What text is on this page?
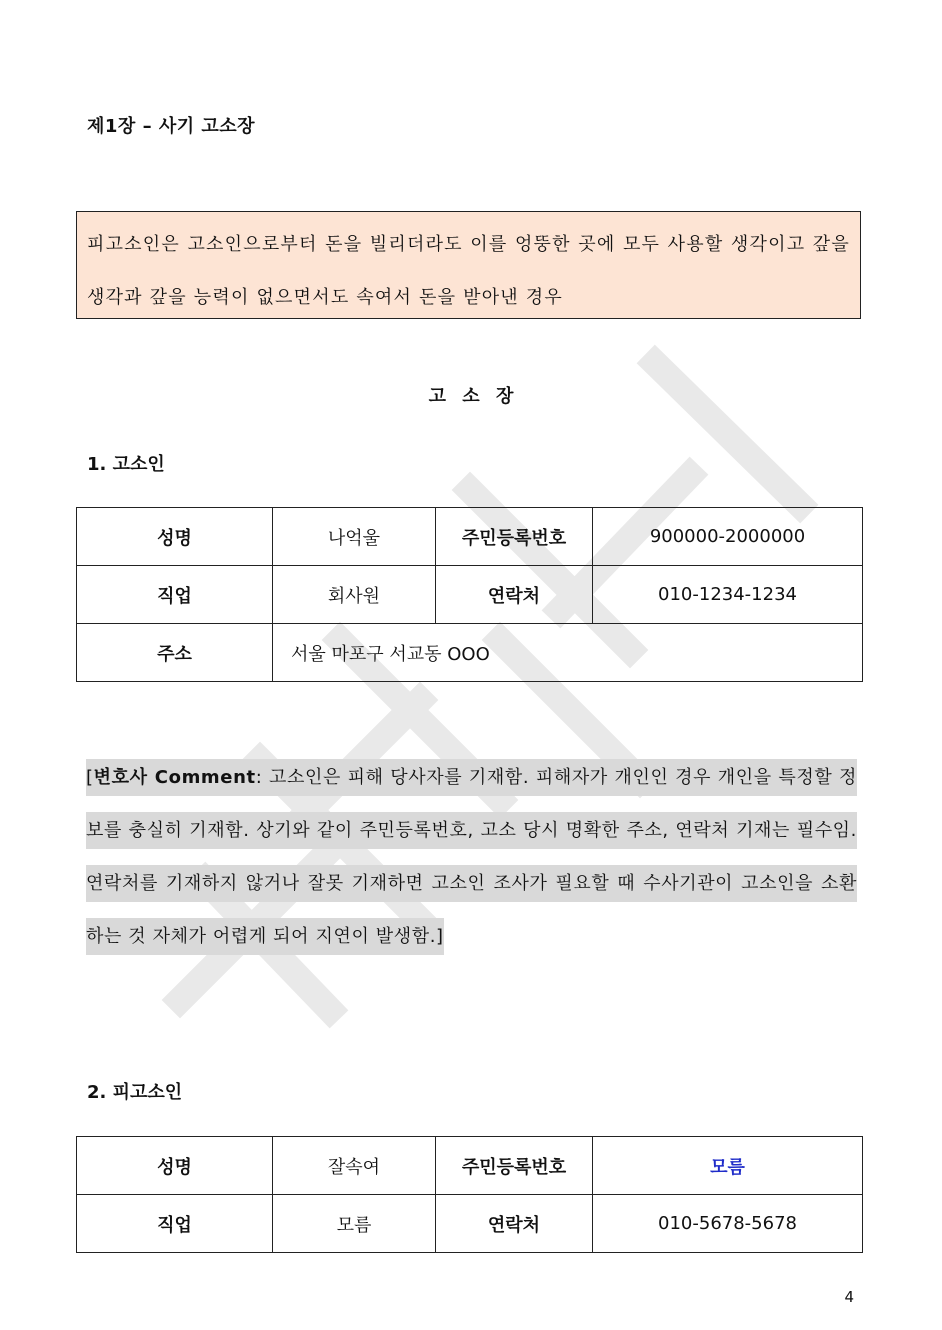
제1장 – 사기 고소장
피고소인은 고소인으로부터 돈을 빌리더라도 이를 엉뚱한 곳에 모두 사용할 생각이고 갚을 생각과 갚을 능력이 없으면서도 속여서 돈을 받아낸 경우
고 소 장
1. 고소인
성명	나억울	주민등록번호	900000-2000000
직업	회사원	연락처	010-1234-1234
주소	서울 마포구 서교동 OOO		
[변호사 Comment: 고소인은 피해 당사자를 기재함. 피해자가 개인인 경우 개인을 특정할 정보를 충실히 기재함. 상기와 같이 주민등록번호, 고소 당시 명확한 주소, 연락처 기재는 필수임. 연락처를 기재하지 않거나 잘못 기재하면 고소인 조사가 필요할 때 수사기관이 고소인을 소환하는 것 자체가 어렵게 되어 지연이 발생함.]
2. 피고소인
성명	잘속여	주민등록번호	모름
직업	모름	연락처	010-5678-5678
4
